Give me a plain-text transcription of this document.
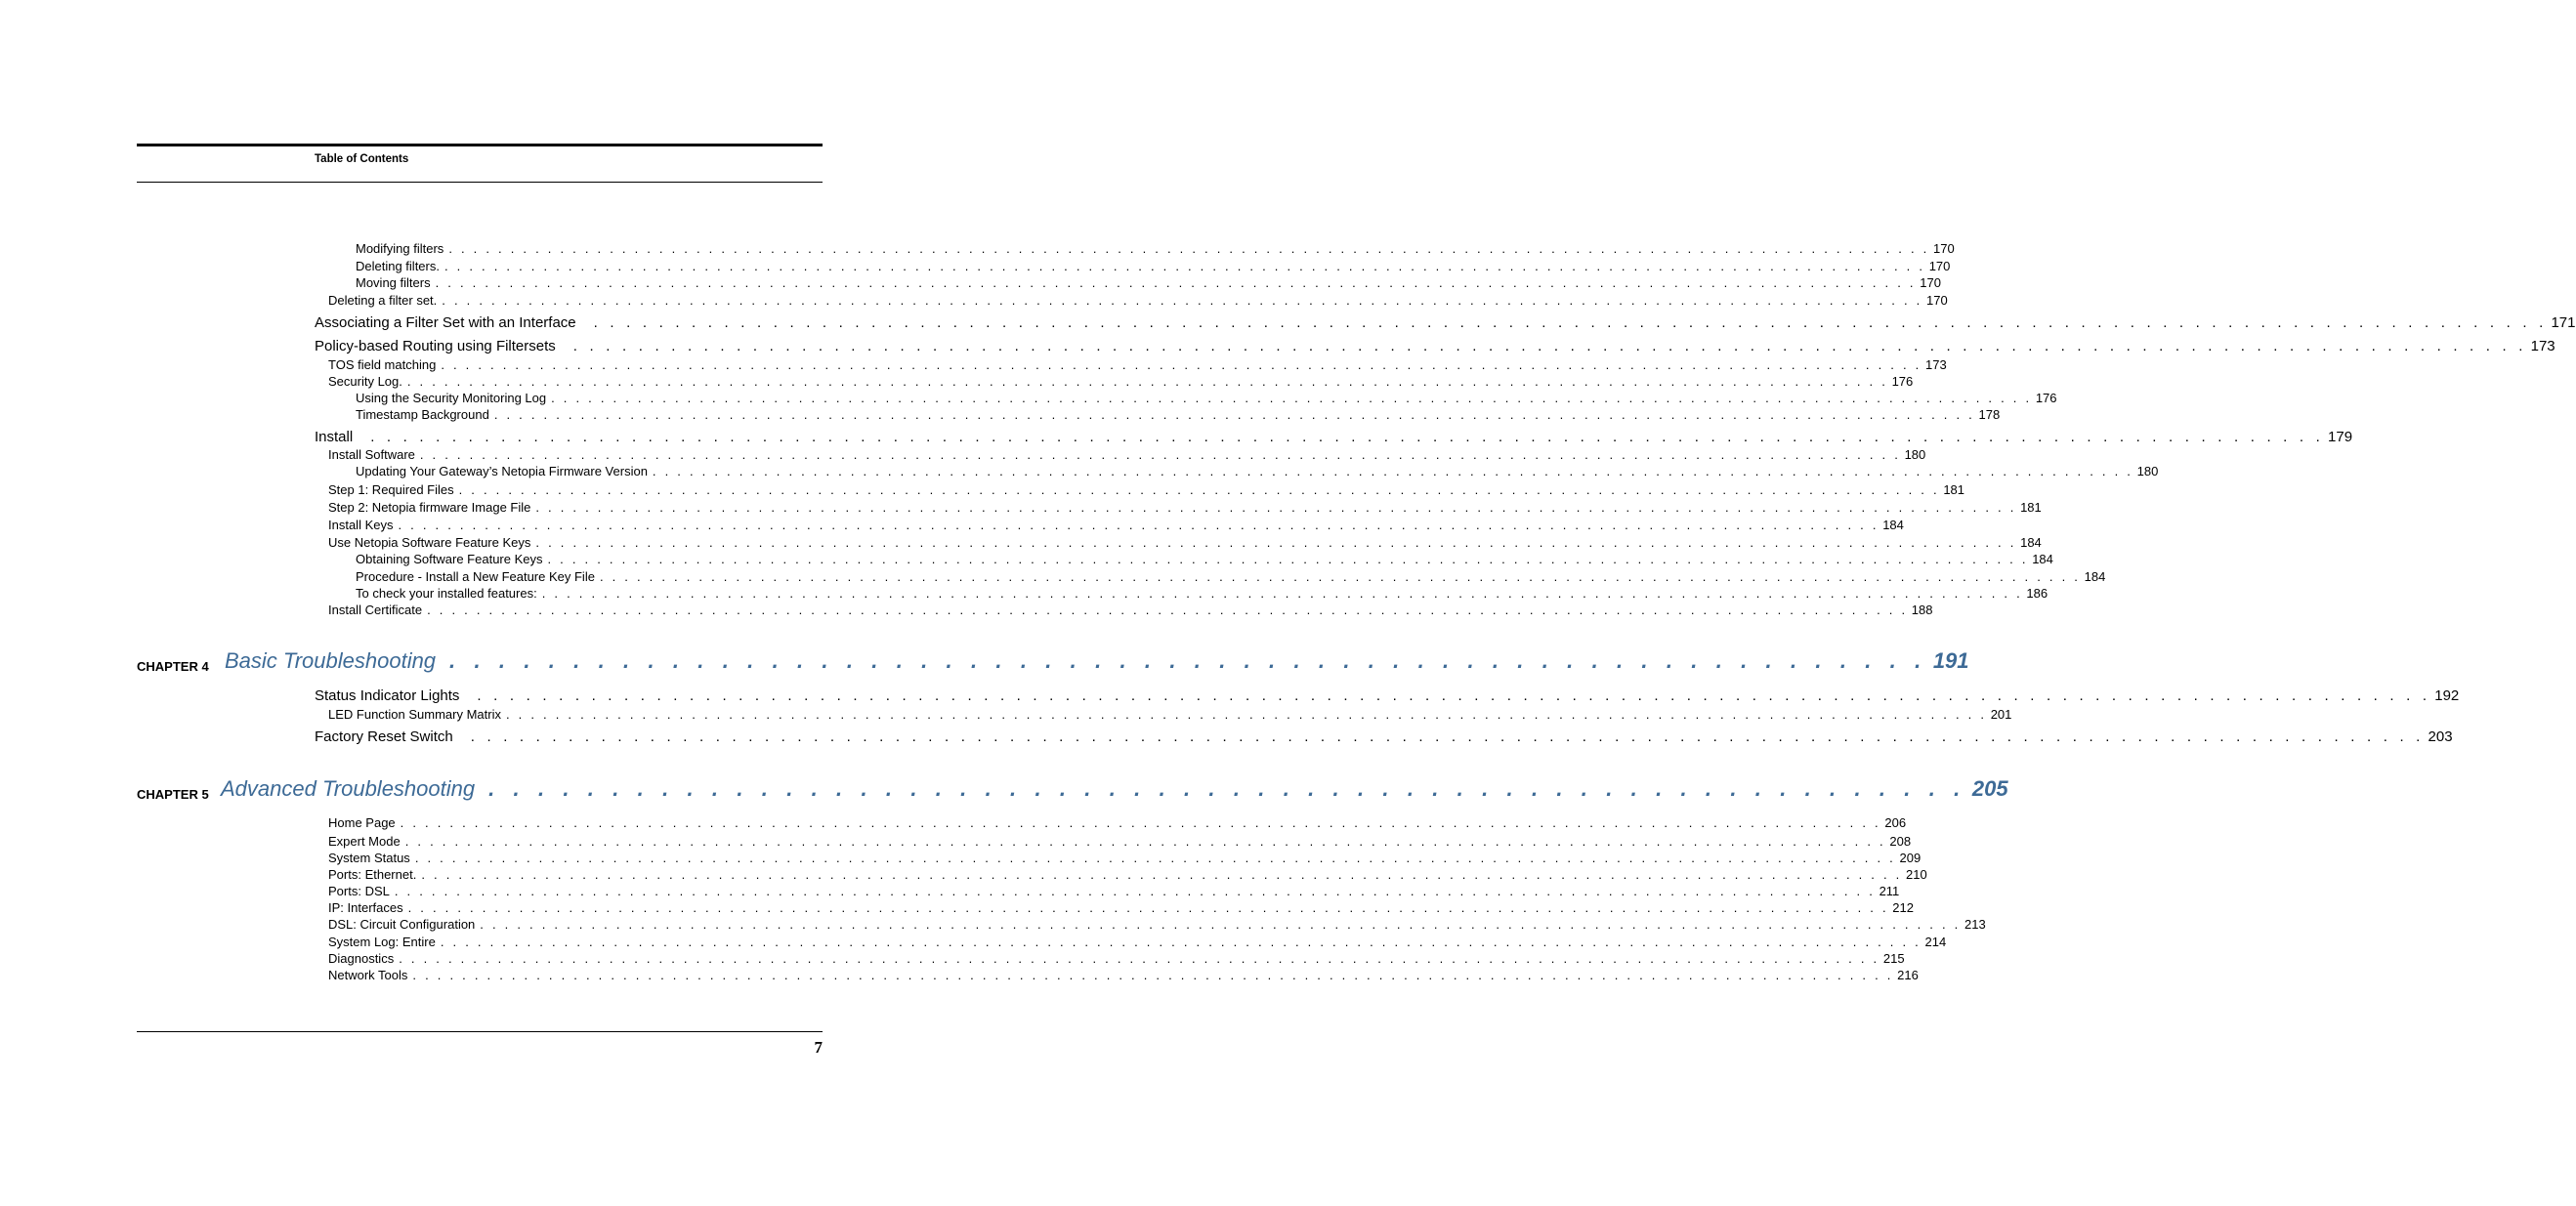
Table of Contents
Modifying filters . . . . . . . . . . . . . . . . . . . . . . . . . . . . . . . . . . . . . . . . . . . . . . . . . . . . . . . . . . . . . . . . . . . . . . . . . . . . . . . . . . . . . . . . . . . . . . . . . . . . . . . . . . . . . . . . . . . . . . . . 170
Deleting filters. . . . . . . . . . . . . . . . . . . . . . . . . . . . . . . . . . . . . . . . . . . . . . . . . . . . . . . . . . . . . . . . . . . . . . . . . . . . . . . . . . . . . . . . . . . . . . . . . . . . . . . . . . . . . . . . . . . . . . . . . 170
Moving filters . . . . . . . . . . . . . . . . . . . . . . . . . . . . . . . . . . . . . . . . . . . . . . . . . . . . . . . . . . . . . . . . . . . . . . . . . . . . . . . . . . . . . . . . . . . . . . . . . . . . . . . . . . . . . . . . . . . . . . . . 170
Deleting a filter set. . . . . . . . . . . . . . . . . . . . . . . . . . . . . . . . . . . . . . . . . . . . . . . . . . . . . . . . . . . . . . . . . . . . . . . . . . . . . . . . . . . . . . . . . . . . . . . . . . . . . . . . . . . . . . . . . . . . . . . . . 170
Associating a Filter Set with an Interface . . . . . . . . . . . . . . . . . . . . . . . . . . . . . . . . . . . . . . . . . . . . . . . . . . . . . . . . . . . . . . . . . . . . . . . . . . . . . . . . . . . . . . . . . . . . . . . . . . . . . . . . . . . . . . . . . . . . . . . . 171
Policy-based Routing using Filtersets . . . . . . . . . . . . . . . . . . . . . . . . . . . . . . . . . . . . . . . . . . . . . . . . . . . . . . . . . . . . . . . . . . . . . . . . . . . . . . . . . . . . . . . . . . . . . . . . . . . . . . . . . . . . . . . . . . . . . . . . 173
TOS field matching . . . . . . . . . . . . . . . . . . . . . . . . . . . . . . . . . . . . . . . . . . . . . . . . . . . . . . . . . . . . . . . . . . . . . . . . . . . . . . . . . . . . . . . . . . . . . . . . . . . . . . . . . . . . . . . . . . . . . . . . 173
Security Log. . . . . . . . . . . . . . . . . . . . . . . . . . . . . . . . . . . . . . . . . . . . . . . . . . . . . . . . . . . . . . . . . . . . . . . . . . . . . . . . . . . . . . . . . . . . . . . . . . . . . . . . . . . . . . . . . . . . . . . . . 176
Using the Security Monitoring Log . . . . . . . . . . . . . . . . . . . . . . . . . . . . . . . . . . . . . . . . . . . . . . . . . . . . . . . . . . . . . . . . . . . . . . . . . . . . . . . . . . . . . . . . . . . . . . . . . . . . . . . . . . . . . . . . . . . . . . . . 176
Timestamp Background . . . . . . . . . . . . . . . . . . . . . . . . . . . . . . . . . . . . . . . . . . . . . . . . . . . . . . . . . . . . . . . . . . . . . . . . . . . . . . . . . . . . . . . . . . . . . . . . . . . . . . . . . . . . . . . . . . . . . . . . 178
Install . . . . . . . . . . . . . . . . . . . . . . . . . . . . . . . . . . . . . . . . . . . . . . . . . . . . . . . . . . . . . . . . . . . . . . . . . . . . . . . . . . . . . . . . . . . . . . . . . . . . . . . . . . . . . . . . . . . . . . . . 179
Install Software . . . . . . . . . . . . . . . . . . . . . . . . . . . . . . . . . . . . . . . . . . . . . . . . . . . . . . . . . . . . . . . . . . . . . . . . . . . . . . . . . . . . . . . . . . . . . . . . . . . . . . . . . . . . . . . . . . . . . . . . 180
Updating Your Gateway’s Netopia Firmware Version . . . . . . . . . . . . . . . . . . . . . . . . . . . . . . . . . . . . . . . . . . . . . . . . . . . . . . . . . . . . . . . . . . . . . . . . . . . . . . . . . . . . . . . . . . . . . . . . . . . . . . . . . . . . . . . . . . . . . . . . 180
Step 1: Required Files . . . . . . . . . . . . . . . . . . . . . . . . . . . . . . . . . . . . . . . . . . . . . . . . . . . . . . . . . . . . . . . . . . . . . . . . . . . . . . . . . . . . . . . . . . . . . . . . . . . . . . . . . . . . . . . . . . . . . . . . 181
Step 2: Netopia firmware Image File . . . . . . . . . . . . . . . . . . . . . . . . . . . . . . . . . . . . . . . . . . . . . . . . . . . . . . . . . . . . . . . . . . . . . . . . . . . . . . . . . . . . . . . . . . . . . . . . . . . . . . . . . . . . . . . . . . . . . . . . 181
Install Keys . . . . . . . . . . . . . . . . . . . . . . . . . . . . . . . . . . . . . . . . . . . . . . . . . . . . . . . . . . . . . . . . . . . . . . . . . . . . . . . . . . . . . . . . . . . . . . . . . . . . . . . . . . . . . . . . . . . . . . . . 184
Use Netopia Software Feature Keys . . . . . . . . . . . . . . . . . . . . . . . . . . . . . . . . . . . . . . . . . . . . . . . . . . . . . . . . . . . . . . . . . . . . . . . . . . . . . . . . . . . . . . . . . . . . . . . . . . . . . . . . . . . . . . . . . . . . . . . . 184
Obtaining Software Feature Keys . . . . . . . . . . . . . . . . . . . . . . . . . . . . . . . . . . . . . . . . . . . . . . . . . . . . . . . . . . . . . . . . . . . . . . . . . . . . . . . . . . . . . . . . . . . . . . . . . . . . . . . . . . . . . . . . . . . . . . . . 184
Procedure - Install a New Feature Key File . . . . . . . . . . . . . . . . . . . . . . . . . . . . . . . . . . . . . . . . . . . . . . . . . . . . . . . . . . . . . . . . . . . . . . . . . . . . . . . . . . . . . . . . . . . . . . . . . . . . . . . . . . . . . . . . . . . . . . . . 184
To check your installed features: . . . . . . . . . . . . . . . . . . . . . . . . . . . . . . . . . . . . . . . . . . . . . . . . . . . . . . . . . . . . . . . . . . . . . . . . . . . . . . . . . . . . . . . . . . . . . . . . . . . . . . . . . . . . . . . . . . . . . . . . 186
Install Certificate . . . . . . . . . . . . . . . . . . . . . . . . . . . . . . . . . . . . . . . . . . . . . . . . . . . . . . . . . . . . . . . . . . . . . . . . . . . . . . . . . . . . . . . . . . . . . . . . . . . . . . . . . . . . . . . . . . . . . . . . 188
CHAPTER 4 Basic Troubleshooting . . . . . . . . . . . . . . . . . . . . . . . . . . . . . . . . . . . . . . . . . . . . . . . . . . . . . . . . . . . . 191
Status Indicator Lights . . . . . . . . . . . . . . . . . . . . . . . . . . . . . . . . . . . . . . . . . . . . . . . . . . . . . . . . . . . . . . . . . . . . . . . . . . . . . . . . . . . . . . . . . . . . . . . . . . . . . . . . . . . . . . . . . . . . . . . . 192
LED Function Summary Matrix . . . . . . . . . . . . . . . . . . . . . . . . . . . . . . . . . . . . . . . . . . . . . . . . . . . . . . . . . . . . . . . . . . . . . . . . . . . . . . . . . . . . . . . . . . . . . . . . . . . . . . . . . . . . . . . . . . . . . . . . 201
Factory Reset Switch . . . . . . . . . . . . . . . . . . . . . . . . . . . . . . . . . . . . . . . . . . . . . . . . . . . . . . . . . . . . . . . . . . . . . . . . . . . . . . . . . . . . . . . . . . . . . . . . . . . . . . . . . . . . . . . . . . . . . . . . 203
CHAPTER 5 Advanced Troubleshooting . . . . . . . . . . . . . . . . . . . . . . . . . . . . . . . . . . . . . . . . . . . . . . . . . . . . . . . . . . . . 205
Home Page . . . . . . . . . . . . . . . . . . . . . . . . . . . . . . . . . . . . . . . . . . . . . . . . . . . . . . . . . . . . . . . . . . . . . . . . . . . . . . . . . . . . . . . . . . . . . . . . . . . . . . . . . . . . . . . . . . . . . . . . 206
Expert Mode . . . . . . . . . . . . . . . . . . . . . . . . . . . . . . . . . . . . . . . . . . . . . . . . . . . . . . . . . . . . . . . . . . . . . . . . . . . . . . . . . . . . . . . . . . . . . . . . . . . . . . . . . . . . . . . . . . . . . . . . 208
System Status . . . . . . . . . . . . . . . . . . . . . . . . . . . . . . . . . . . . . . . . . . . . . . . . . . . . . . . . . . . . . . . . . . . . . . . . . . . . . . . . . . . . . . . . . . . . . . . . . . . . . . . . . . . . . . . . . . . . . . . . 209
Ports: Ethernet. . . . . . . . . . . . . . . . . . . . . . . . . . . . . . . . . . . . . . . . . . . . . . . . . . . . . . . . . . . . . . . . . . . . . . . . . . . . . . . . . . . . . . . . . . . . . . . . . . . . . . . . . . . . . . . . . . . . . . . . . 210
Ports: DSL . . . . . . . . . . . . . . . . . . . . . . . . . . . . . . . . . . . . . . . . . . . . . . . . . . . . . . . . . . . . . . . . . . . . . . . . . . . . . . . . . . . . . . . . . . . . . . . . . . . . . . . . . . . . . . . . . . . . . . . . 211
IP: Interfaces . . . . . . . . . . . . . . . . . . . . . . . . . . . . . . . . . . . . . . . . . . . . . . . . . . . . . . . . . . . . . . . . . . . . . . . . . . . . . . . . . . . . . . . . . . . . . . . . . . . . . . . . . . . . . . . . . . . . . . . . 212
DSL: Circuit Configuration . . . . . . . . . . . . . . . . . . . . . . . . . . . . . . . . . . . . . . . . . . . . . . . . . . . . . . . . . . . . . . . . . . . . . . . . . . . . . . . . . . . . . . . . . . . . . . . . . . . . . . . . . . . . . . . . . . . . . . . . 213
System Log: Entire . . . . . . . . . . . . . . . . . . . . . . . . . . . . . . . . . . . . . . . . . . . . . . . . . . . . . . . . . . . . . . . . . . . . . . . . . . . . . . . . . . . . . . . . . . . . . . . . . . . . . . . . . . . . . . . . . . . . . . . . 214
Diagnostics . . . . . . . . . . . . . . . . . . . . . . . . . . . . . . . . . . . . . . . . . . . . . . . . . . . . . . . . . . . . . . . . . . . . . . . . . . . . . . . . . . . . . . . . . . . . . . . . . . . . . . . . . . . . . . . . . . . . . . . . 215
Network Tools . . . . . . . . . . . . . . . . . . . . . . . . . . . . . . . . . . . . . . . . . . . . . . . . . . . . . . . . . . . . . . . . . . . . . . . . . . . . . . . . . . . . . . . . . . . . . . . . . . . . . . . . . . . . . . . . . . . . . . . . 216
7
